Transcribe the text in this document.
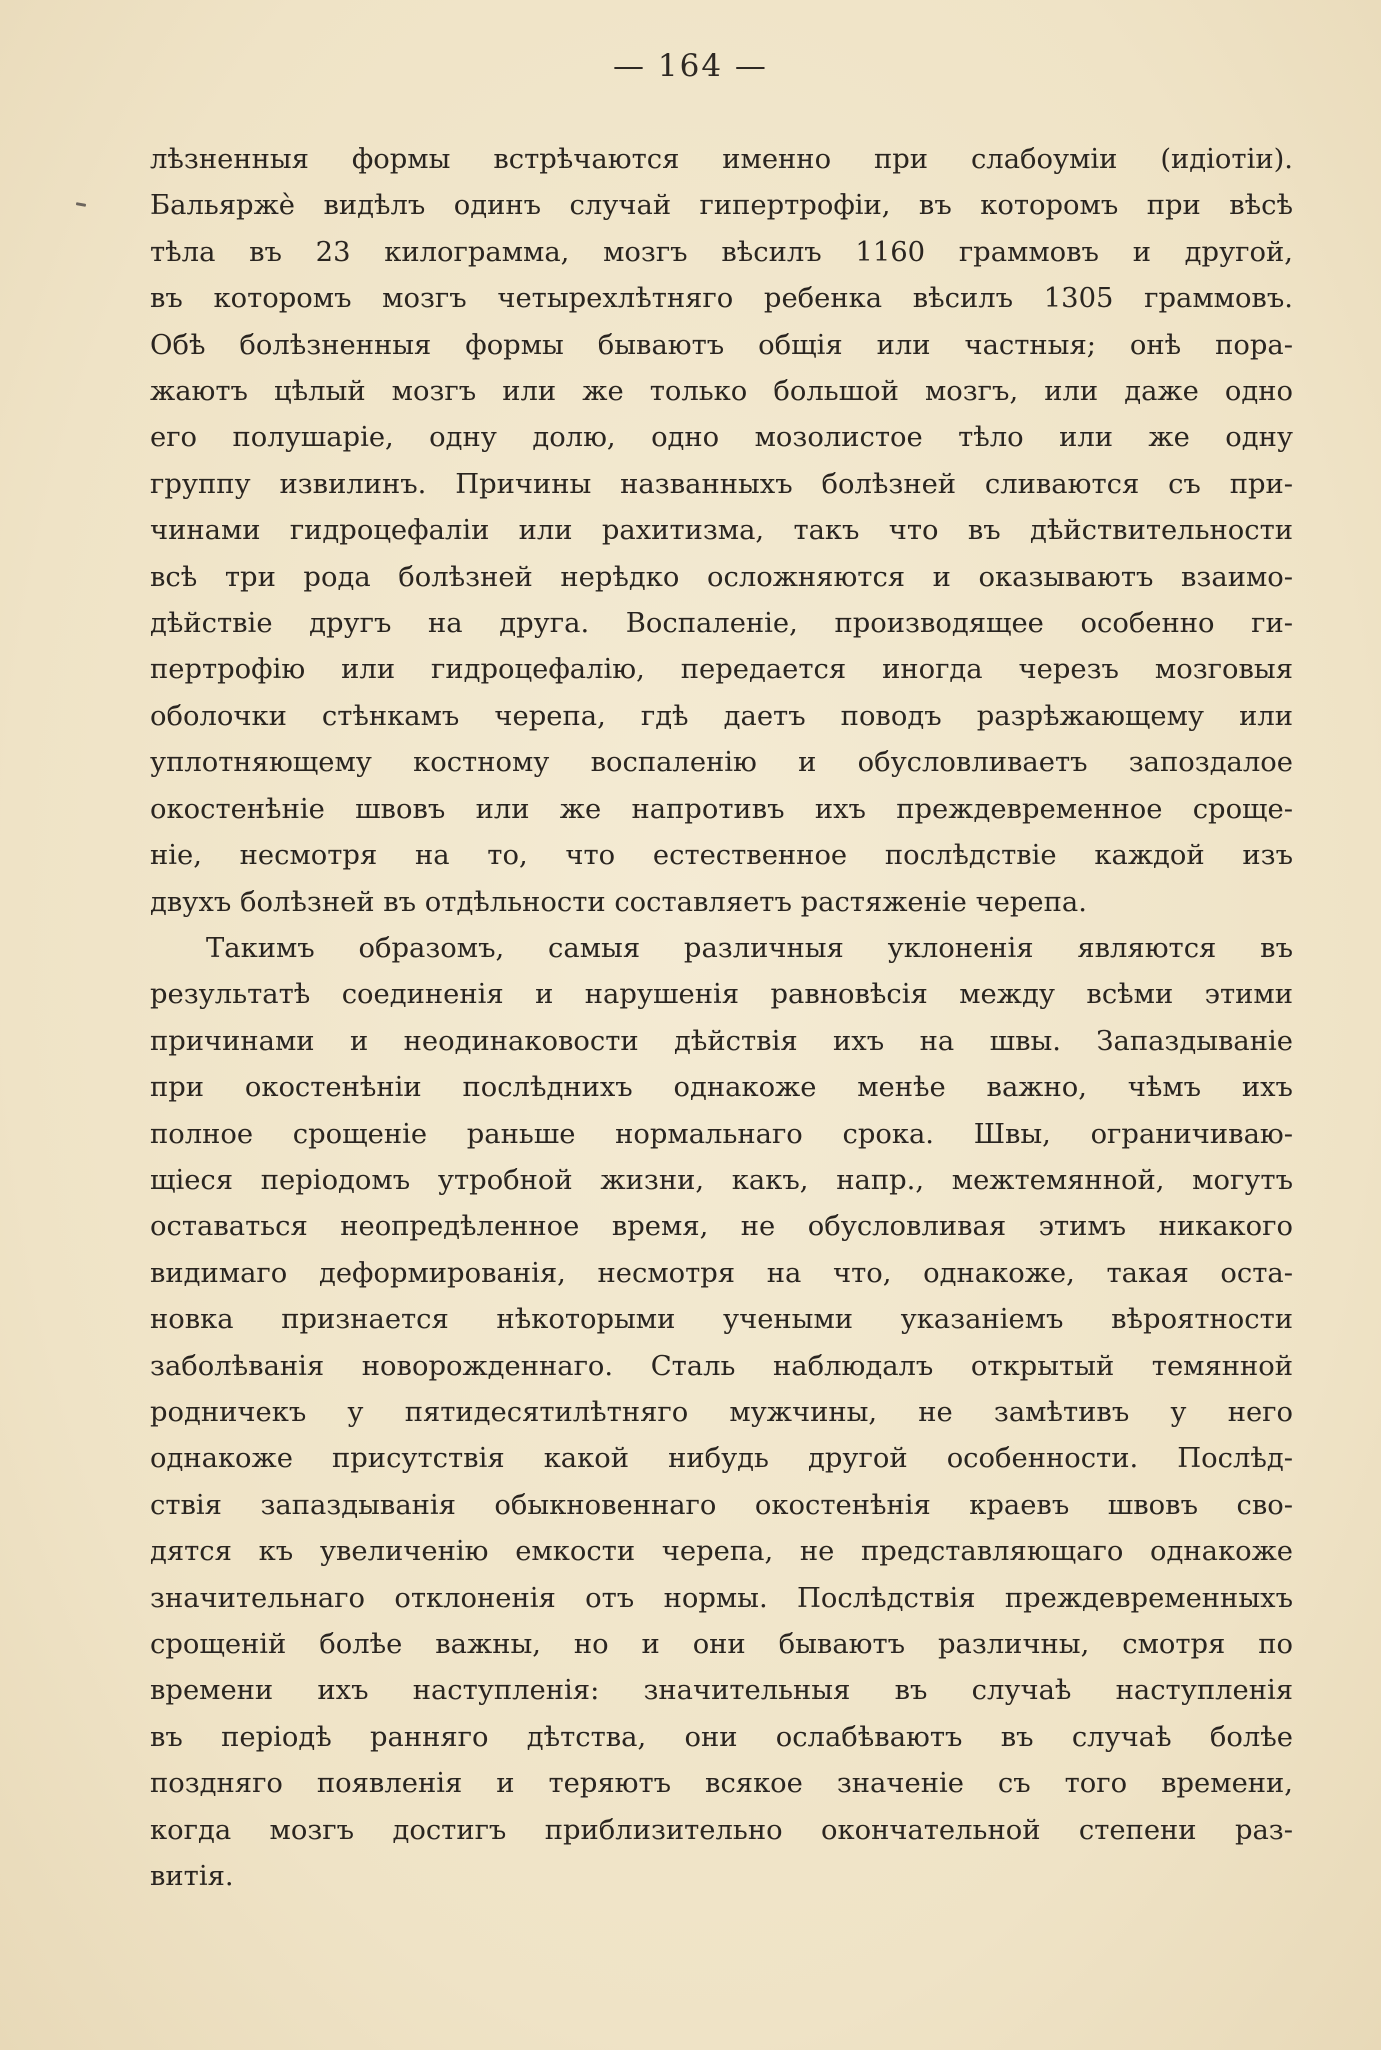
— 164 —
лѣзненныя формы встрѣчаются именно при слабоуміи (идіотіи).
Бальяржѐ видѣлъ одинъ случай гипертрофіи, въ которомъ при вѣсѣ
тѣла въ 23 килограмма, мозгъ вѣсилъ 1160 граммовъ и другой,
въ которомъ мозгъ четырехлѣтняго ребенка вѣсилъ 1305 граммовъ.
Обѣ болѣзненныя формы бываютъ общія или частныя; онѣ пора-
жаютъ цѣлый мозгъ или же только большой мозгъ, или даже одно
его полушаріе, одну долю, одно мозолистое тѣло или же одну
группу извилинъ. Причины названныхъ болѣзней сливаются съ при-
чинами гидроцефаліи или рахитизма, такъ что въ дѣйствительности
всѣ три рода болѣзней нерѣдко осложняются и оказываютъ взаимо-
дѣйствіе другъ на друга. Воспаленіе, производящее особенно ги-
пертрофію или гидроцефалію, передается иногда черезъ мозговыя
оболочки стѣнкамъ черепа, гдѣ даетъ поводъ разрѣжающему или
уплотняющему костному воспаленію и обусловливаетъ запоздалое
окостенѣніе швовъ или же напротивъ ихъ преждевременное сроще-
ніе, несмотря на то, что естественное послѣдствіе каждой изъ
двухъ болѣзней въ отдѣльности составляетъ растяженіе черепа.
Такимъ образомъ, самыя различныя уклоненія являются въ
результатѣ соединенія и нарушенія равновѣсія между всѣми этими
причинами и неодинаковости дѣйствія ихъ на швы. Запаздываніе
при окостенѣніи послѣднихъ однакоже менѣе важно, чѣмъ ихъ
полное срощеніе раньше нормальнаго срока. Швы, ограничиваю-
щіеся періодомъ утробной жизни, какъ, напр., межтемянной, могутъ
оставаться неопредѣленное время, не обусловливая этимъ никакого
видимаго деформированія, несмотря на что, однакоже, такая оста-
новка признается нѣкоторыми учеными указаніемъ вѣроятности
заболѣванія новорожденнаго. Сталь наблюдалъ открытый темянной
родничекъ у пятидесятилѣтняго мужчины, не замѣтивъ у него
однакоже присутствія какой нибудь другой особенности. Послѣд-
ствія запаздыванія обыкновеннаго окостенѣнія краевъ швовъ сво-
дятся къ увеличенію емкости черепа, не представляющаго однакоже
значительнаго отклоненія отъ нормы. Послѣдствія преждевременныхъ
срощеній болѣе важны, но и они бываютъ различны, смотря по
времени ихъ наступленія: значительныя въ случаѣ наступленія
въ періодѣ ранняго дѣтства, они ослабѣваютъ въ случаѣ болѣе
поздняго появленія и теряютъ всякое значеніе съ того времени,
когда мозгъ достигъ приблизительно окончательной степени раз-
витія.
